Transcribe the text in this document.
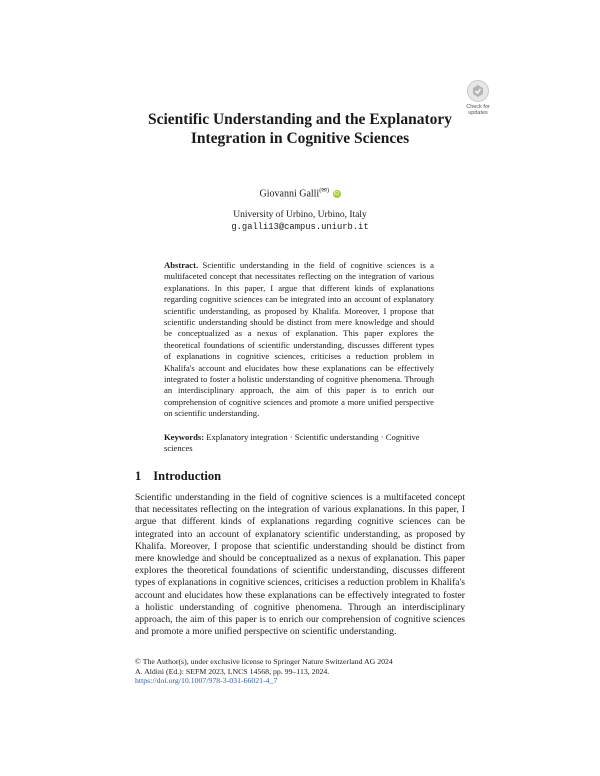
Check for updates
Scientific Understanding and the Explanatory Integration in Cognitive Sciences
Giovanni Galli(✉) iD
University of Urbino, Urbino, Italy
g.galli13@campus.uniurb.it
Abstract. Scientific understanding in the field of cognitive sciences is a multifaceted concept that necessitates reflecting on the integration of various explanations. In this paper, I argue that different kinds of explanations regarding cognitive sciences can be integrated into an account of explanatory scientific understanding, as proposed by Khalifa. Moreover, I propose that scientific understanding should be distinct from mere knowledge and should be conceptualized as a nexus of explanation. This paper explores the theoretical foundations of scientific understanding, discusses different types of explanations in cognitive sciences, criticises a reduction problem in Khalifa's account and elucidates how these explanations can be effectively integrated to foster a holistic understanding of cognitive phenomena. Through an interdisciplinary approach, the aim of this paper is to enrich our comprehension of cognitive sciences and promote a more unified perspective on scientific understanding.
Keywords: Explanatory integration · Scientific understanding · Cognitive sciences
1 Introduction
Scientific understanding in the field of cognitive sciences is a multifaceted concept that necessitates reflecting on the integration of various explanations. In this paper, I argue that different kinds of explanations regarding cognitive sciences can be integrated into an account of explanatory scientific understanding, as proposed by Khalifa. Moreover, I propose that scientific understanding should be distinct from mere knowledge and should be conceptualized as a nexus of explanation. This paper explores the theoretical foundations of scientific understanding, discusses different types of explanations in cognitive sciences, criticises a reduction problem in Khalifa's account and elucidates how these explanations can be effectively integrated to foster a holistic understanding of cognitive phenomena. Through an interdisciplinary approach, the aim of this paper is to enrich our comprehension of cognitive sciences and promote a more unified perspective on scientific understanding.
© The Author(s), under exclusive license to Springer Nature Switzerland AG 2024
A. Aldini (Ed.): SEFM 2023, LNCS 14568, pp. 99–113, 2024.
https://doi.org/10.1007/978-3-031-66021-4_7
